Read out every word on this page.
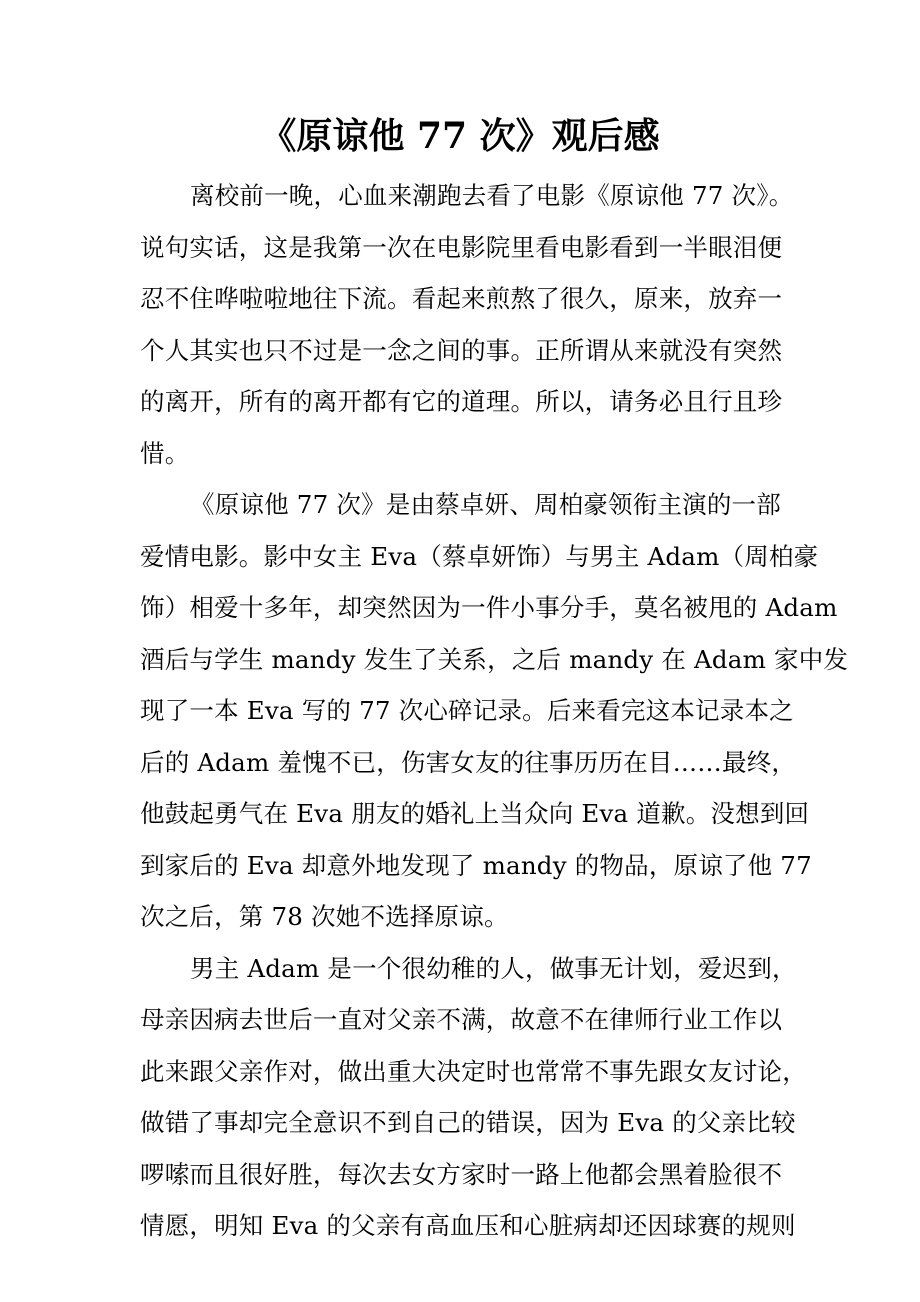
《原谅他 77 次》观后感
离校前一晚，心血来潮跑去看了电影《原谅他 77 次》。
说句实话，这是我第一次在电影院里看电影看到一半眼泪便
忍不住哗啦啦地往下流。看起来煎熬了很久，原来，放弃一
个人其实也只不过是一念之间的事。正所谓从来就没有突然
的离开，所有的离开都有它的道理。所以，请务必且行且珍
惜。
《原谅他 77 次》是由蔡卓妍、周柏豪领衔主演的一部
爱情电影。影中女主 Eva（蔡卓妍饰）与男主 Adam（周柏豪
饰）相爱十多年，却突然因为一件小事分手，莫名被甩的 Adam
酒后与学生 mandy 发生了关系，之后 mandy 在 Adam 家中发
现了一本 Eva 写的 77 次心碎记录。后来看完这本记录本之
后的 Adam 羞愧不已，伤害女友的往事历历在目……最终，
他鼓起勇气在 Eva 朋友的婚礼上当众向 Eva 道歉。没想到回
到家后的 Eva 却意外地发现了 mandy 的物品，原谅了他 77
次之后，第 78 次她不选择原谅。
男主 Adam 是一个很幼稚的人，做事无计划，爱迟到，
母亲因病去世后一直对父亲不满，故意不在律师行业工作以
此来跟父亲作对，做出重大决定时也常常不事先跟女友讨论，
做错了事却完全意识不到自己的错误，因为 Eva 的父亲比较
啰嗦而且很好胜，每次去女方家时一路上他都会黑着脸很不
情愿，明知 Eva 的父亲有高血压和心脏病却还因球赛的规则
